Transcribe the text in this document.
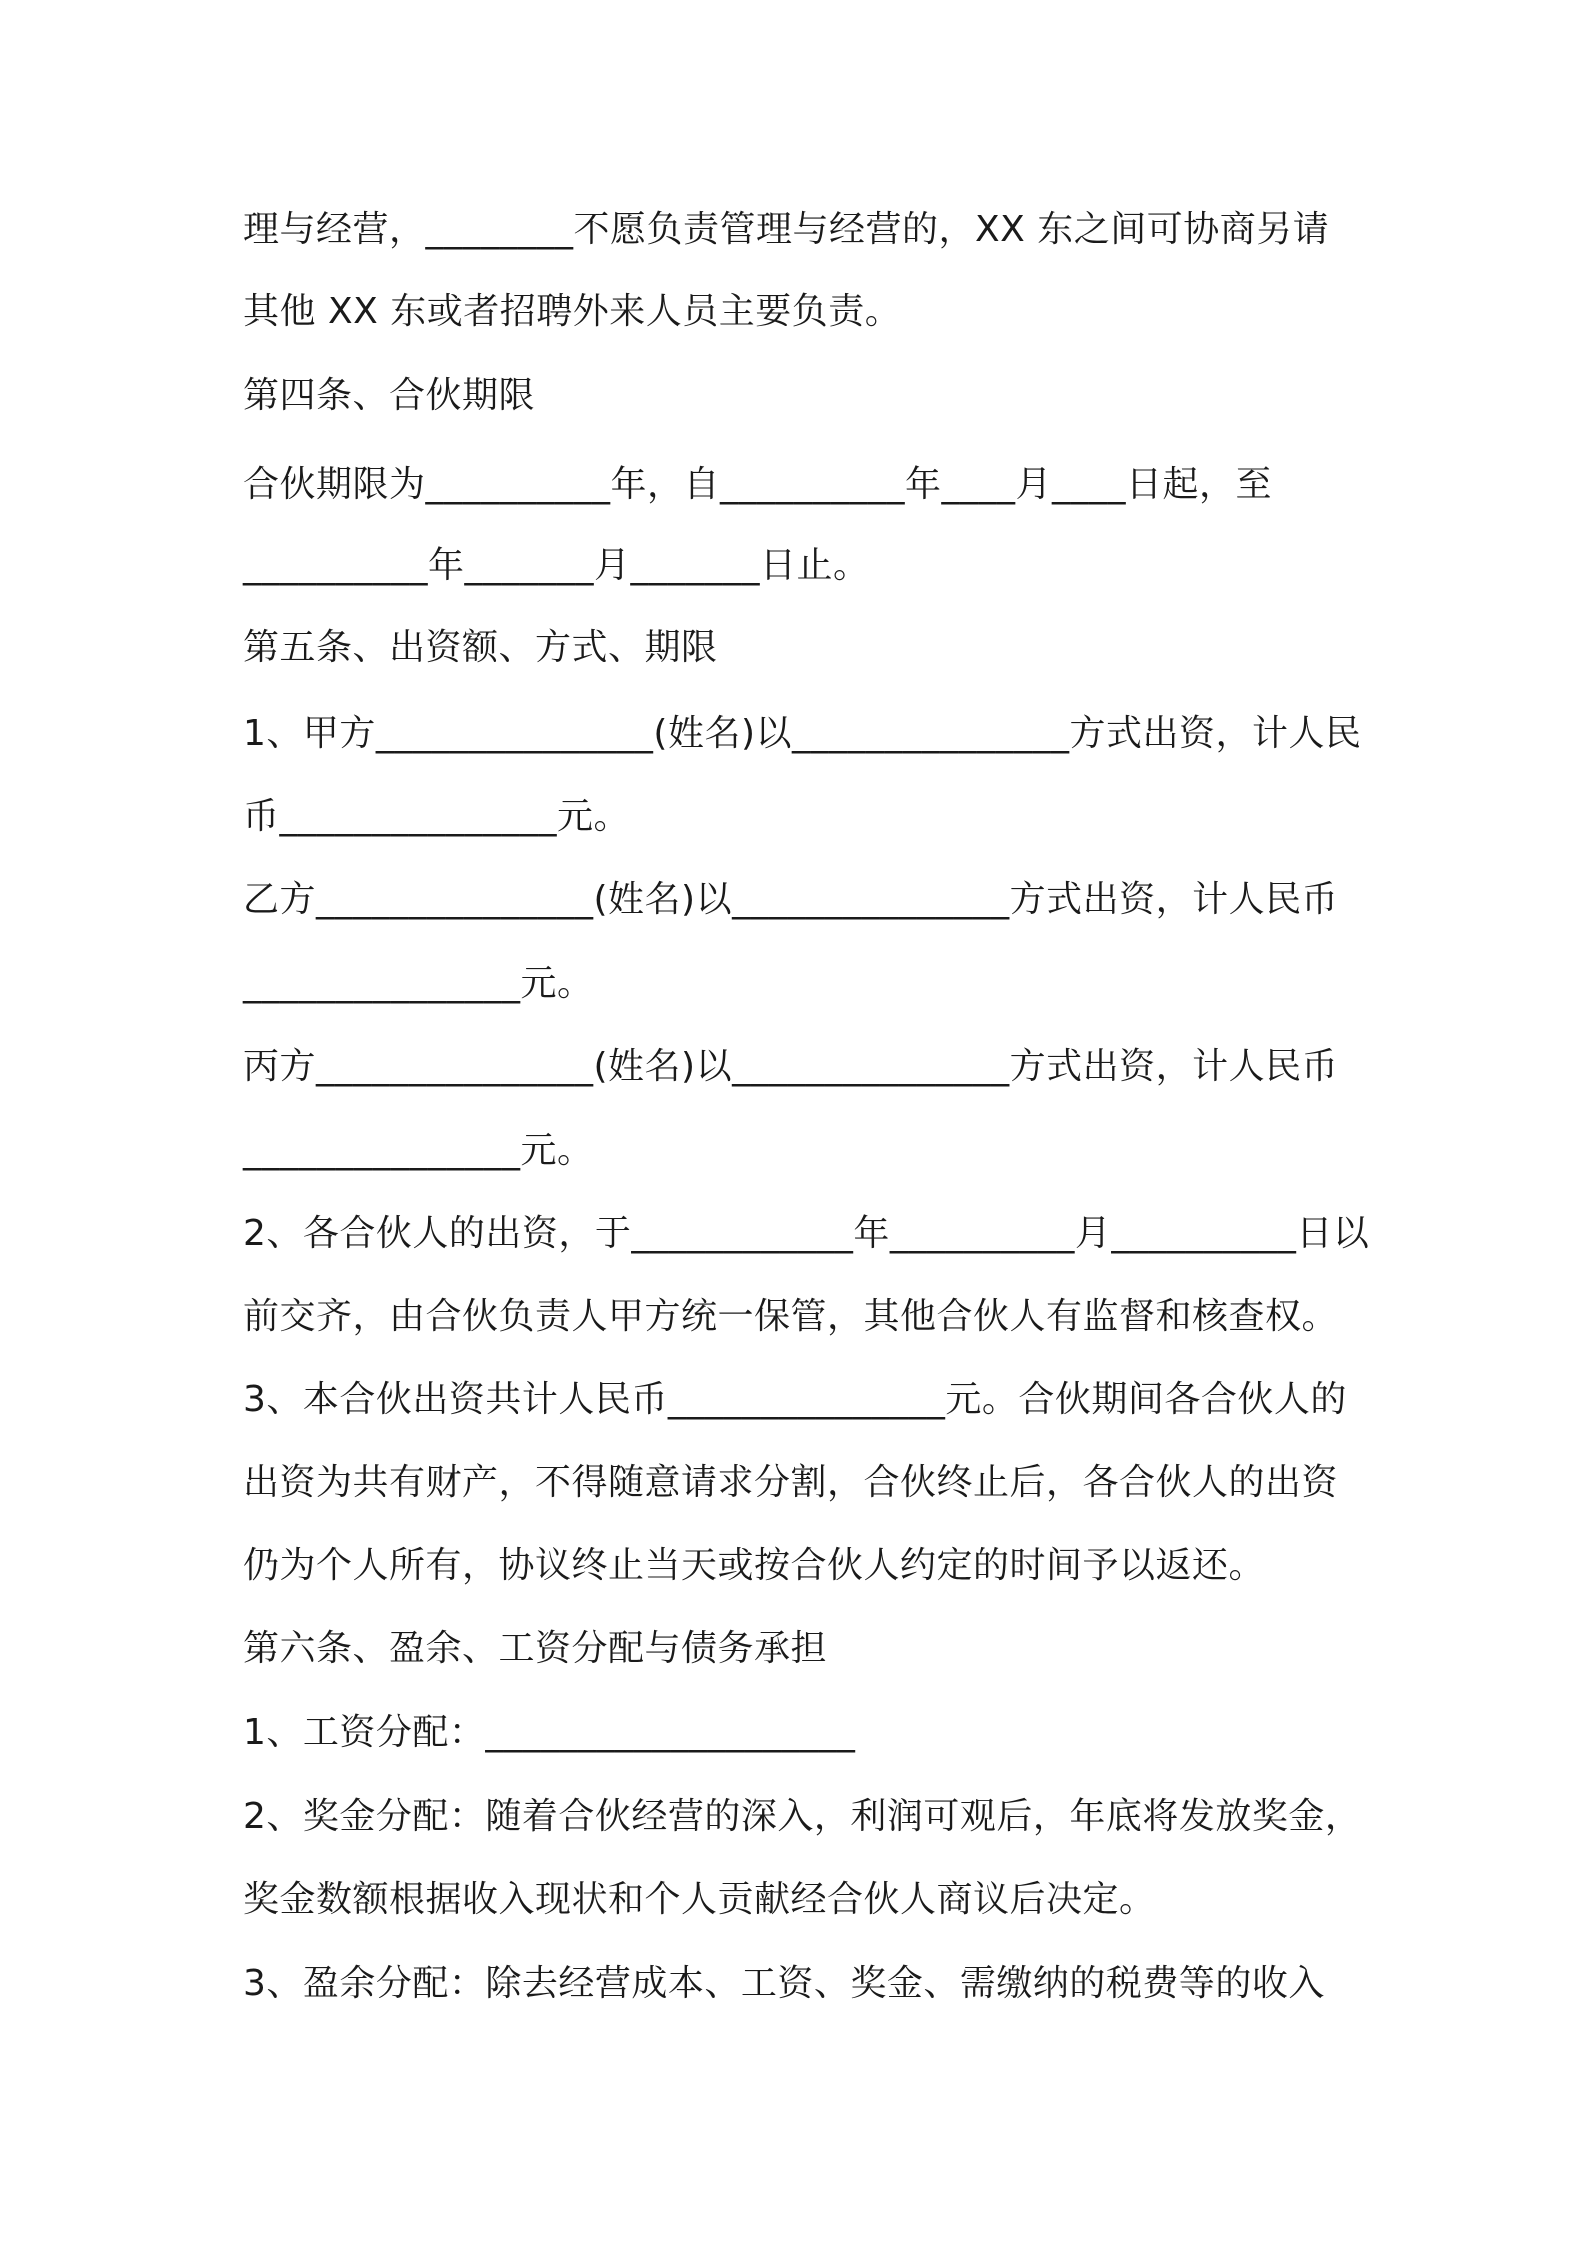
理与经营，________不愿负责管理与经营的，XX 东之间可协商另请
其他 XX 东或者招聘外来人员主要负责。
第四条、合伙期限
合伙期限为__________年，自__________年____月____日起，至
__________年_______月_______日止。
第五条、出资额、方式、期限
1、甲方_______________(姓名)以_______________方式出资，计人民
币_______________元。
乙方_______________(姓名)以_______________方式出资，计人民币
_______________元。
丙方_______________(姓名)以_______________方式出资，计人民币
_______________元。
2、各合伙人的出资，于____________年__________月__________日以
前交齐，由合伙负责人甲方统一保管，其他合伙人有监督和核查权。
3、本合伙出资共计人民币_______________元。合伙期间各合伙人的
出资为共有财产，不得随意请求分割，合伙终止后，各合伙人的出资
仍为个人所有，协议终止当天或按合伙人约定的时间予以返还。
第六条、盈余、工资分配与债务承担
1、工资分配：____________________
2、奖金分配：随着合伙经营的深入，利润可观后，年底将发放奖金，
奖金数额根据收入现状和个人贡献经合伙人商议后决定。
3、盈余分配：除去经营成本、工资、奖金、需缴纳的税费等的收入
